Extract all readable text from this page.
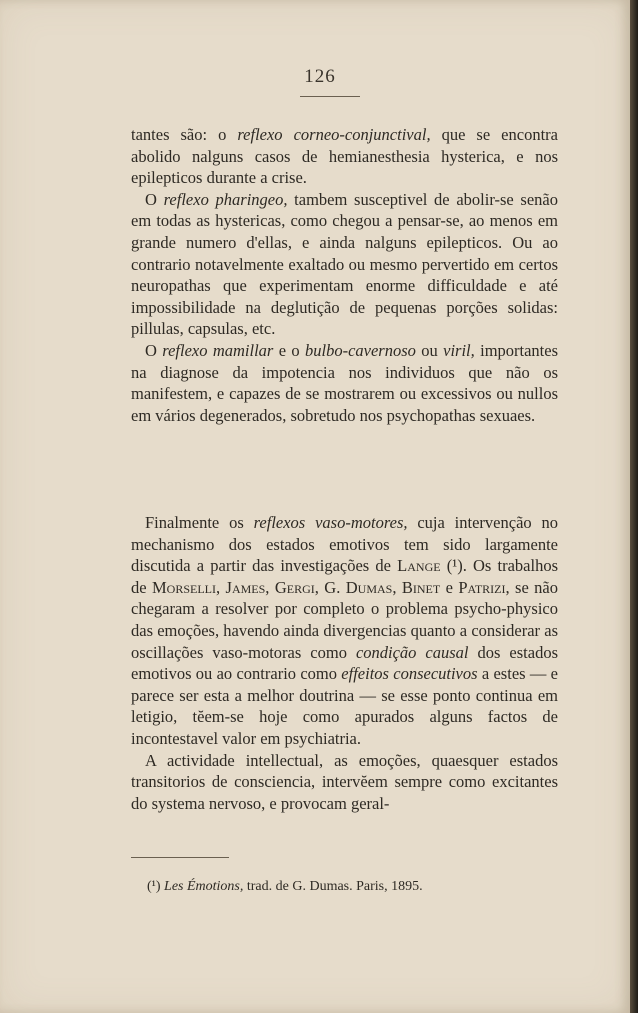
126

tantes são: o reflexo corneo-conjunctival, que se encontra abolido nalguns casos de hemianesthesia hysterica, e nos epilepticos durante a crise.

O reflexo pharingeo, tambem susceptivel de abolir-se senão em todas as hystericas, como chegou a pensar-se, ao menos em grande numero d'ellas, e ainda nalguns epilepticos. Ou ao contrario notavelmente exaltado ou mesmo pervertido em certos neuropathas que experimentam enorme difficuldade e até impossibilidade na deglutição de pequenas porções solidas: pillulas, capsulas, etc.

O reflexo mamillar e o bulbo-cavernoso ou viril, importantes na diagnose da impotencia nos individuos que não os manifestem, e capazes de se mostrarem ou excessivos ou nullos em vários degenerados, sobretudo nos psychopathas sexuaes.

Finalmente os reflexos vaso-motores, cuja intervenção no mechanismo dos estados emotivos tem sido largamente discutida a partir das investigações de Lange (¹). Os trabalhos de Morselli, James, Gergi, G. Dumas, Binet e Patrizi, se não chegaram a resolver por completo o problema psycho-physico das emoções, havendo ainda divergencias quanto a considerar as oscillações vaso-motoras como condição causal dos estados emotivos ou ao contrario como effeitos consecutivos a estes — e parece ser esta a melhor doutrina — se esse ponto continua em letigio, tĕem-se hoje como apurados alguns factos de incontestavel valor em psychiatria.

A actividade intellectual, as emoções, quaesquer estados transitorios de consciencia, intervĕem sempre como excitantes do systema nervoso, e provocam geral-

(¹) Les Émotions, trad. de G. Dumas. Paris, 1895.
